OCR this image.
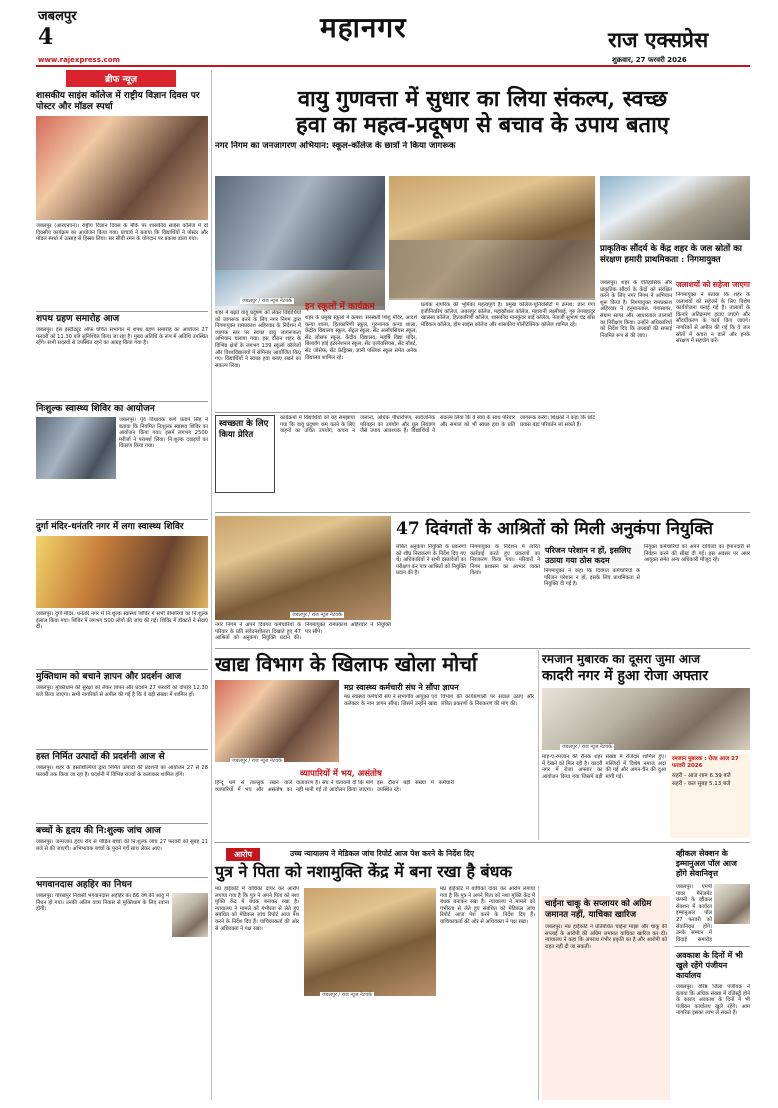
जबलपुर
4	महानगर	राज एक्सप्रेस
www.rajexpress.com	शुक्रवार, 27 फरवरी 2026
ब्रीफ न्यूज़
शासकीय साइंस कॉलेज में राष्ट्रीय विज्ञान दिवस पर पोस्टर और मॉडल स्पर्धा
जबलपुर (आरएनएन)। राष्ट्रीय विज्ञान दिवस के मौके पर शासकीय साइंस कॉलेज में दो दिवसीय कार्यक्रम का आयोजन किया गया। प्राचार्य ने बताया कि विद्यार्थियों ने पोस्टर और मॉडल स्पर्धा में उत्साह से हिस्सा लिया। सर सीवी रमन के योगदान पर प्रकाश डाला गया।
शपथ ग्रहण समारोह आज
जबलपुर। इंस इंस्टीट्यूट ऑफ चर्चित सभागार में शपथ ग्रहण समारोह का आयोजन 27 फरवरी को 11.30 बजे सुनिश्चित किया जा रहा है। मुख्य अतिथि के रूप में अतिथि उपस्थित रहेंगे। सभी सदस्यों से उपस्थित रहने का आग्रह किया गया है।
निःशुल्क स्वास्थ्य शिविर का आयोजन
जबलपुर। पूर्व विधायक कर्ण प्रताप सिंह ने बताया कि नियमित निःशुल्क स्वास्थ्य शिविर का आयोजन किया गया। इसमें लगभग 2500 मरीजों ने परामर्श लिया। नि:शुल्क दवाइयों का वितरण किया गया।
दुर्गा मंदिर-धनंतरि नगर में लगा स्वास्थ्य शिविर
जबलपुर। दुर्गा मंदिर, धनंतरि नगर में नि:शुल्क स्वास्थ्य शिविर में सभी बीमारियों का नि:शुल्क इलाज किया गया। शिविर में लगभग 500 लोगों की जांच की गई। शिविर में डॉक्टरों ने सेवाएं दीं।
मुक्तिधाम को बचाने ज्ञापन और प्रदर्शन आज
जबलपुर। मुक्तिधाम की सुरक्षा को लेकर ज्ञापन और प्रदर्शन 27 फरवरी को दोपहर 12.30 बजे किया जाएगा। सभी नागरिकों से अपील की गई है कि वे बड़ी संख्या में शामिल हों।
हस्त निर्मित उत्पादों की प्रदर्शनी आज से
जबलपुर। शहर के हस्तशिल्पियों द्वारा निर्मित उत्पादों की प्रदर्शनी का आयोजन 27 से 28 फरवरी तक किया जा रहा है। प्रदर्शनी में विभिन्न राज्यों के कलाकार शामिल होंगे।
बच्चों के हृदय की नि:शुल्क जांच आज
जबलपुर। जन्मजात हृदय रोग से पीड़ित बच्चों की नि:शुल्क जांच 27 फरवरी को सुबह 11 बजे से की जाएगी। अभिभावक बच्चों के पुराने पर्चे साथ लेकर आएं।
भगवानदास अहहिर का निधन
जबलपुर। गोरखपुर निवासी भगवानदास अहहिर का 86 वर्ष की आयु में निधन हो गया। उनकी अंतिम यात्रा निवास से मुक्तिधाम के लिए रवाना होगी।
वायु गुणवत्ता में सुधार का लिया संकल्प, स्वच्छ
हवा का महत्व-प्रदूषण से बचाव के उपाय बताए
नगर निगम का जनजागरण अभियान: स्कूल-कॉलेज के छात्रों ने किया जागरूक
जबलपुर / राज न्यूज नेटवर्क
शहर में बढ़ते वायु प्रदूषण को लेकर विद्यार्थियों को जागरूक करने के लिए नगर निगम द्वारा निगमायुक्त रामप्रकाश अहिरवार के निर्देशन में व्यापक स्तर पर स्वच्छ वायु जागरूकता अभियान चलाया गया। इस दौरान शहर के विभिन्न क्षेत्रों के लगभग 139 स्कूलों कॉलेजों और विश्वविद्यालयों में सेमिनार आयोजित किए गए। विद्यार्थियों ने स्वच्छ हवा बनाए रखने का संकल्प लिया।
इन स्कूलों में कार्यक्रम
शहर के प्रमुख स्कूलों में क्रमश: सरस्वती शिशु मंदिर, आदर्श कन्या शाला, हितकारिणी स्कूल, गुरुनानक कन्या शाला, केंद्रीय विद्यालय स्कूल, सेंट्रल स्कूल, सेंट अलॉयसियस स्कूल, सेंट जोसफ स्कूल, केंद्रीय विद्यालय, महर्षि विद्या मंदिर, बिलावँग हाई इंटरनेशनल स्कूल, सेंट एलॉयसियस, सेंट नॉबर्ट, सेंट जोसेफ, सेंट फ्रेड्रिक्स, ज्ञानी पब्लिक स्कूल समेत अनेक विद्यालय शामिल रहे।
प्रत्येक नागरिक की भूमिका महत्वपूर्ण है। प्रमुख कॉलेज-यूनिवर्सिटी में क्रमश: ज्ञान गंगा इंजीनियरिंग कॉलेज, जबलपुर कॉलेज, महाकौशल कॉलेज, महारानी लक्ष्मीबाई, गुरु तेगबहादुर खालसा कॉलेज, हितकारिणी कॉलेज, शासकीय मानकुंवर बाई कॉलेज, नेताजी सुभाष चंद्र बोस मेडिकल कॉलेज, होम साइंस कॉलेज और शासकीय पॉलीटेक्निक कॉलेज शामिल रहे।
स्वच्छता के लिए किया प्रेरित
कार्यक्रमों में विद्यार्थियों को यह समझाया गया कि वायु प्रदूषण कम करने के लिए वाहनों का उचित उपयोग, कचरा न जलाना, अधिक पौधारोपण, सार्वजनिक परिवहन का उपयोग और धूल नियंत्रण जैसे उपाय आवश्यक हैं। विद्यार्थियों ने संकल्प लिया कि वे स्वयं के साथ परिवार और समाज को भी स्वच्छ हवा के प्रति जागरूक करेंगे। शिक्षकों ने कहा कि छोटे प्रयास बड़ा परिवर्तन ला सकते हैं।
प्राकृतिक सौंदर्य के केंद्र शहर के जल स्रोतों का संरक्षण हमारी प्राथमिकता : निगमायुक्त
जबलपुर। शहर के ऐतिहासिक और प्राकृतिक सौंदर्य के केंद्रों को संरक्षित करने के लिए नगर निगम ने अभियान शुरू किया है। निगमायुक्त रामप्रकाश अहिरवार ने हनुमानताल, गंगासागर, संग्राम सागर और आधारताल तालाबों का निरीक्षण किया। उन्होंने अधिकारियों को निर्देश दिए कि तालाबों की सफाई नियमित रूप से की जाए।
जलाशयों को सहेजा जाएगा
निगमायुक्त ने बताया कि शहर के जलाशयों को सहेजने के लिए विशेष कार्ययोजना बनाई गई है। तालाबों के किनारे अतिक्रमण हटाए जाएंगे और सौंदर्यीकरण के कार्य किए जाएंगे। नागरिकों से अपील की गई कि वे जल स्रोतों में कचरा न डालें और इनके संरक्षण में सहयोग करें।
जबलपुर / राज न्यूज नेटवर्क
47 दिवंगतों के आश्रितों को मिली अनुकंपा नियुक्ति
लंबित अनुकंपा नियुक्ति के प्रकरणों को शीघ्र निराकरण के निर्देश दिए गए थे। अधिकारियों ने सभी दस्तावेजों का परीक्षण कर पात्र आश्रितों को नियुक्ति प्रदान की है।
निगमायुक्त के निर्देशन में त्वरित कार्रवाई करते हुए प्रकरणों का निराकरण किया गया। परिवारों ने निगम प्रशासन का आभार व्यक्त किया।
परिजन परेशान न हों, इसलिए उठाया गया ठोस कदम
निगमायुक्त ने कहा कि दिवंगत कर्मचारियों के परिजन परेशान न हों, इसके लिए प्राथमिकता से नियुक्ति दी गई है।
नियुक्त कर्मचारियों को अपने दायित्वों का ईमानदारी से निर्वहन करने की सीख दी गई। इस अवसर पर अपर आयुक्त समेत अन्य अधिकारी मौजूद रहे।
नगर निगम ने अपने दिवंगत कर्मचारियों के परिवार के प्रति संवेदनशीलता दिखाते हुए 47 आश्रितों को अनुकंपा नियुक्ति प्रदान की। निगमायुक्त रामप्रकाश अहिरवार ने नियुक्ति पत्र सौंपे।
खाद्य विभाग के खिलाफ खोला मोर्चा
जबलपुर / राज न्यूज नेटवर्क
मप्र स्वास्थ्य कर्मचारी संघ ने सौंपा ज्ञापन
मप्र स्वास्थ्य कर्मचारी संघ ने संभागीय आयुक्त एवं कलेक्टर के नाम ज्ञापन सौंपा। जिसमें उन्होंने खाद्य विभाग की कार्यप्रणाली पर सवाल उठाए और लंबित प्रकरणों के निराकरण की मांग की।
व्यापारियों में भय, असंतोष
हिन्दू धर्म से ताल्लुक रखने वाले व्यापारियों में भय और असंतोष का वातावरण है। संघ ने चेतावनी दी कि मांगें नहीं मानी गईं तो आंदोलन किया जाएगा। इस दौरान बड़ी संख्या में कर्मचारी उपस्थित रहे।
रमजान मुबारक का दूसरा जुमा आज
कादरी नगर में हुआ रोजा अफ्तार
जबलपुर / राज न्यूज नेटवर्क
माह-ए-रमजान की रौनक शहर में देखने को मिल रही है। कादरी नगर में रोजा अफ्तार का आयोजन किया गया जिसमें बड़ी संख्या में रोजेदार शामिल हुए। मस्जिदों में विशेष नमाज अदा की गई और अमन-चैन की दुआ मांगी गई।
रमजान मुबारक : रोजा आज 27 फरवरी 2026
सहरी - आज शाम 6.39 बजे
सहरी - कल सुबह 5.13 बजे
आरोप	उच्च न्यायालय ने मेडिकल जांच रिपोर्ट आज पेश करने के निर्देश दिए
पुत्र ने पिता को नशामुक्ति केंद्र में बना रखा है बंधक
मप्र हाईकोर्ट में याचिका दायर कर आरोप लगाया गया है कि पुत्र ने अपने पिता को नशा मुक्ति केंद्र में बंधक बनाकर रखा है। न्यायालय ने मामले को गंभीरता से लेते हुए संबंधित को मेडिकल जांच रिपोर्ट आज पेश करने के निर्देश दिए हैं। याचिकाकर्ता की ओर से अधिवक्ता ने पक्ष रखा।
जबलपुर / राज न्यूज नेटवर्क
मप्र हाईकोर्ट में याचिका दायर कर आरोप लगाया गया है कि पुत्र ने अपने पिता को नशा मुक्ति केंद्र में बंधक बनाकर रखा है। न्यायालय ने मामले को गंभीरता से लेते हुए संबंधित को मेडिकल जांच रिपोर्ट आज पेश करने के निर्देश दिए हैं। याचिकाकर्ता की ओर से अधिवक्ता ने पक्ष रखा।
चाईना चाकू के सप्लायर को अग्रिम
जमानत नहीं, याचिका खारिज
जबलपुर। मप्र हाईकोर्ट ने प्रतिबंधित चाईना मांझा और चाकू की सप्लाई के आरोपी की अग्रिम जमानत याचिका खारिज कर दी। न्यायालय ने कहा कि अपराध गंभीर प्रकृति का है और आरोपी को राहत नहीं दी जा सकती।
व्हीकल सेक्शन के इम्मानुअल पॉल आज होंगे सेवानिवृत्त
जबलपुर। एमपी पावर मैनेजमेंट कंपनी के व्हीकल सेक्शन में कार्यरत इम्मानुअल पॉल 27 फरवरी को सेवानिवृत्त होंगे। उनके सम्मान में विदाई समारोह
अवकाश के दिनों में भी खुले रहेंगे पंजीयन कार्यालय
जबलपुर। वरिष्ठ जिला पंजीयक ने बताया कि अधिक संख्या में रजिस्ट्री होने के कारण अवकाश के दिनों में भी पंजीयन कार्यालय खुले रहेंगे। आम नागरिक इसका लाभ ले सकते हैं।
